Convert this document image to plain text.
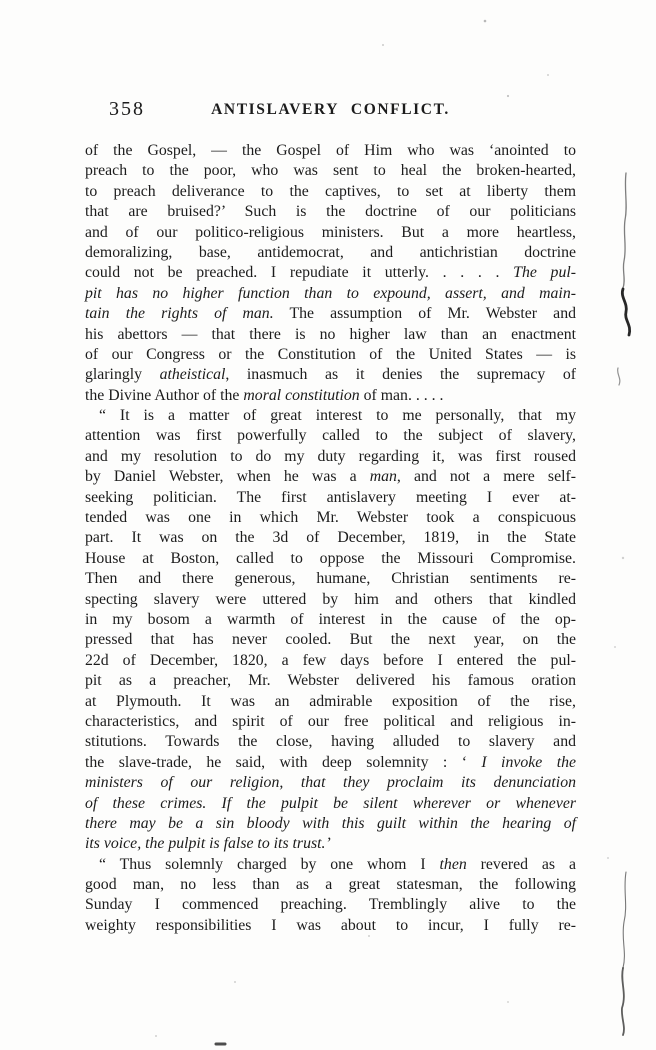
358	ANTISLAVERY CONFLICT.
of the Gospel, — the Gospel of Him who was ‘anointed to
preach to the poor, who was sent to heal the broken-hearted,
to preach deliverance to the captives, to set at liberty them
that are bruised?’ Such is the doctrine of our politicians
and of our politico-religious ministers. But a more heartless,
demoralizing, base, antidemocrat, and antichristian doctrine
could not be preached. I repudiate it utterly. . . . . The pul-
pit has no higher function than to expound, assert, and main-
tain the rights of man. The assumption of Mr. Webster and
his abettors — that there is no higher law than an enactment
of our Congress or the Constitution of the United States — is
glaringly atheistical, inasmuch as it denies the supremacy of
the Divine Author of the moral constitution of man. . . . .
“ It is a matter of great interest to me personally, that my
attention was first powerfully called to the subject of slavery,
and my resolution to do my duty regarding it, was first roused
by Daniel Webster, when he was a man, and not a mere self-
seeking politician. The first antislavery meeting I ever at-
tended was one in which Mr. Webster took a conspicuous
part. It was on the 3d of December, 1819, in the State
House at Boston, called to oppose the Missouri Compromise.
Then and there generous, humane, Christian sentiments re-
specting slavery were uttered by him and others that kindled
in my bosom a warmth of interest in the cause of the op-
pressed that has never cooled. But the next year, on the
22d of December, 1820, a few days before I entered the pul-
pit as a preacher, Mr. Webster delivered his famous oration
at Plymouth. It was an admirable exposition of the rise,
characteristics, and spirit of our free political and religious in-
stitutions. Towards the close, having alluded to slavery and
the slave-trade, he said, with deep solemnity : ‘ I invoke the
ministers of our religion, that they proclaim its denunciation
of these crimes. If the pulpit be silent wherever or whenever
there may be a sin bloody with this guilt within the hearing of
its voice, the pulpit is false to its trust.’
“ Thus solemnly charged by one whom I then revered as a
good man, no less than as a great statesman, the following
Sunday I commenced preaching. Tremblingly alive to the
weighty responsibilities I was about to incur, I fully re-
